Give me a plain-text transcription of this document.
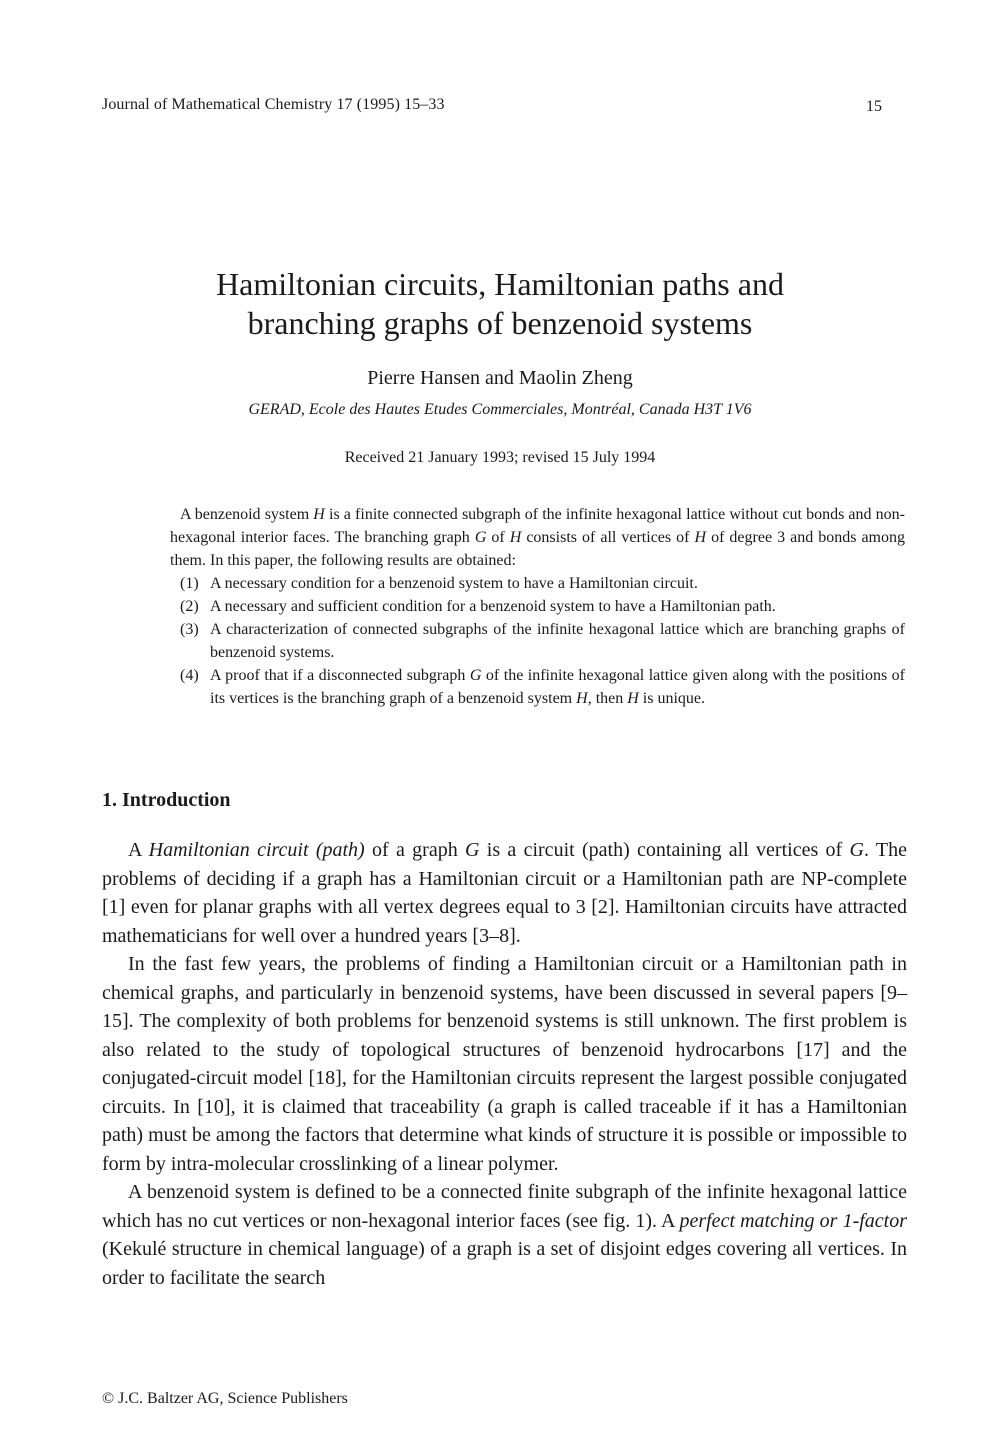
Journal of Mathematical Chemistry 17 (1995) 15–33	15
Hamiltonian circuits, Hamiltonian paths and
branching graphs of benzenoid systems
Pierre Hansen and Maolin Zheng
GERAD, Ecole des Hautes Etudes Commerciales, Montréal, Canada H3T 1V6
Received 21 January 1993; revised 15 July 1994

A benzenoid system H is a finite connected subgraph of the infinite hexagonal lattice without cut bonds and non-hexagonal interior faces. The branching graph G of H consists of all vertices of H of degree 3 and bonds among them. In this paper, the following results are obtained:

(1) A necessary condition for a benzenoid system to have a Hamiltonian circuit.
(2) A necessary and sufficient condition for a benzenoid system to have a Hamiltonian path.
(3) A characterization of connected subgraphs of the infinite hexagonal lattice which are branching graphs of benzenoid systems.
(4) A proof that if a disconnected subgraph G of the infinite hexagonal lattice given along with the positions of its vertices is the branching graph of a benzenoid system H, then H is unique.
1. Introduction

A Hamiltonian circuit (path) of a graph G is a circuit (path) containing all vertices of G. The problems of deciding if a graph has a Hamiltonian circuit or a Hamiltonian path are NP-complete [1] even for planar graphs with all vertex degrees equal to 3 [2]. Hamiltonian circuits have attracted mathematicians for well over a hundred years [3–8].

In the fast few years, the problems of finding a Hamiltonian circuit or a Hamiltonian path in chemical graphs, and particularly in benzenoid systems, have been discussed in several papers [9–15]. The complexity of both problems for benzenoid systems is still unknown. The first problem is also related to the study of topological structures of benzenoid hydrocarbons [17] and the conjugated-circuit model [18], for the Hamiltonian circuits represent the largest possible conjugated circuits. In [10], it is claimed that traceability (a graph is called traceable if it has a Hamiltonian path) must be among the factors that determine what kinds of structure it is possible or impossible to form by intra-molecular crosslinking of a linear polymer.

A benzenoid system is defined to be a connected finite subgraph of the infinite hexagonal lattice which has no cut vertices or non-hexagonal interior faces (see fig. 1). A perfect matching or 1-factor (Kekulé structure in chemical language) of a graph is a set of disjoint edges covering all vertices. In order to facilitate the search

© J.C. Baltzer AG, Science Publishers
